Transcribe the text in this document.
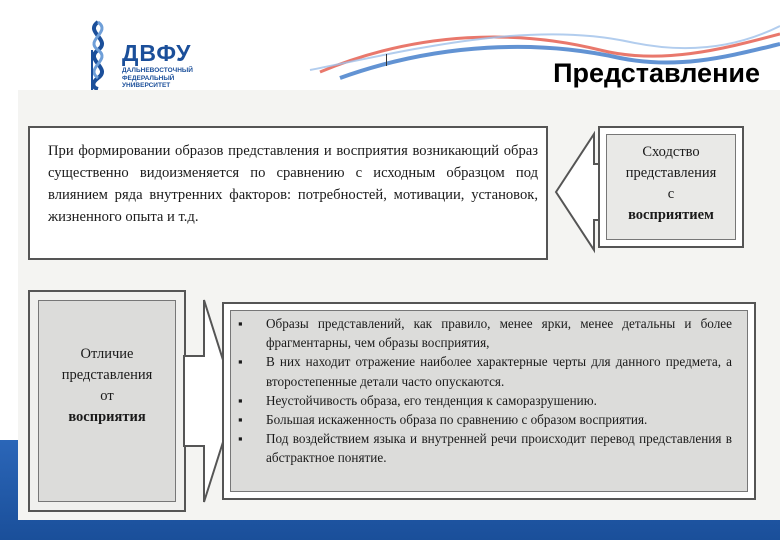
ДВФУ
ДАЛЬНЕВОСТОЧНЫЙ
ФЕДЕРАЛЬНЫЙ
УНИВЕРСИТЕТ	Представление
При формировании образов представления и восприятия возникающий образ существенно видоизменяется по сравнению с исходным образцом под влиянием ряда внутренних факторов: потребностей, мотивации, установок, жизненного опыта и т.д.
Сходство
представления
с
восприятием
Отличие
представления
от
восприятия
▪ Образы представлений, как правило, менее ярки, менее детальны и более фрагментарны, чем образы восприятия,
▪ В них находит отражение наиболее характерные черты для данного предмета, а второстепенные детали часто опускаются.
▪ Неустойчивость образа, его тенденция к саморазрушению.
▪ Большая искаженность образа по сравнению с образом восприятия.
▪ Под воздействием языка и внутренней речи происходит перевод представления в абстрактное понятие.
